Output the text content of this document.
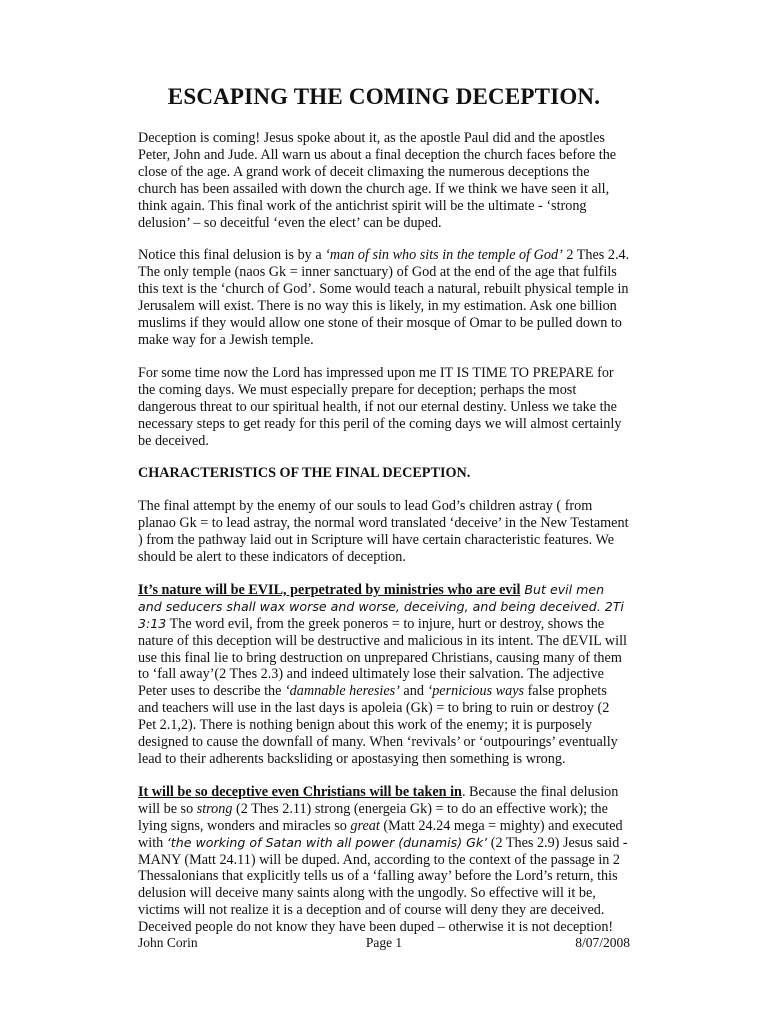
ESCAPING THE COMING DECEPTION.

Deception is coming! Jesus spoke about it, as the apostle Paul did and the apostles Peter, John and Jude. All warn us about a final deception the church faces before the close of the age. A grand work of deceit climaxing the numerous deceptions the church has been assailed with down the church age. If we think we have seen it all, think again. This final work of the antichrist spirit will be the ultimate - ‘strong delusion’ – so deceitful ‘even the elect’ can be duped.

Notice this final delusion is by a ‘man of sin who sits in the temple of God’ 2 Thes 2.4. The only temple (naos Gk = inner sanctuary) of God at the end of the age that fulfils this text is the ‘church of God’. Some would teach a natural, rebuilt physical temple in Jerusalem will exist. There is no way this is likely, in my estimation. Ask one billion muslims if they would allow one stone of their mosque of Omar to be pulled down to make way for a Jewish temple.

For some time now the Lord has impressed upon me IT IS TIME TO PREPARE for the coming days. We must especially prepare for deception; perhaps the most dangerous threat to our spiritual health, if not our eternal destiny. Unless we take the necessary steps to get ready for this peril of the coming days we will almost certainly be deceived.

CHARACTERISTICS OF THE FINAL DECEPTION.

The final attempt by the enemy of our souls to lead God’s children astray ( from planao Gk = to lead astray, the normal word translated ‘deceive’ in the New Testament ) from the pathway laid out in Scripture will have certain characteristic features. We should be alert to these indicators of deception.

It’s nature will be EVIL, perpetrated by ministries who are evil But evil men and seducers shall wax worse and worse, deceiving, and being deceived. 2Ti 3:13 The word evil, from the greek poneros = to injure, hurt or destroy, shows the nature of this deception will be destructive and malicious in its intent. The dEVIL will use this final lie to bring destruction on unprepared Christians, causing many of them to ‘fall away’(2 Thes 2.3) and indeed ultimately lose their salvation. The adjective Peter uses to describe the ‘damnable heresies’ and ‘pernicious ways false prophets and teachers will use in the last days is apoleia (Gk) = to bring to ruin or destroy (2 Pet 2.1,2). There is nothing benign about this work of the enemy; it is purposely designed to cause the downfall of many. When ‘revivals’ or ‘outpourings’ eventually lead to their adherents backsliding or apostasying then something is wrong.

It will be so deceptive even Christians will be taken in. Because the final delusion will be so strong (2 Thes 2.11) strong (energeia Gk) = to do an effective work); the lying signs, wonders and miracles so great (Matt 24.24 mega = mighty) and executed with ‘the working of Satan with all power (dunamis) Gk’ (2 Thes 2.9) Jesus said - MANY (Matt 24.11) will be duped. And, according to the context of the passage in 2 Thessalonians that explicitly tells us of a ‘falling away’ before the Lord’s return, this delusion will deceive many saints along with the ungodly. So effective will it be, victims will not realize it is a deception and of course will deny they are deceived. Deceived people do not know they have been duped – otherwise it is not deception!

John Corin	Page 1	8/07/2008
